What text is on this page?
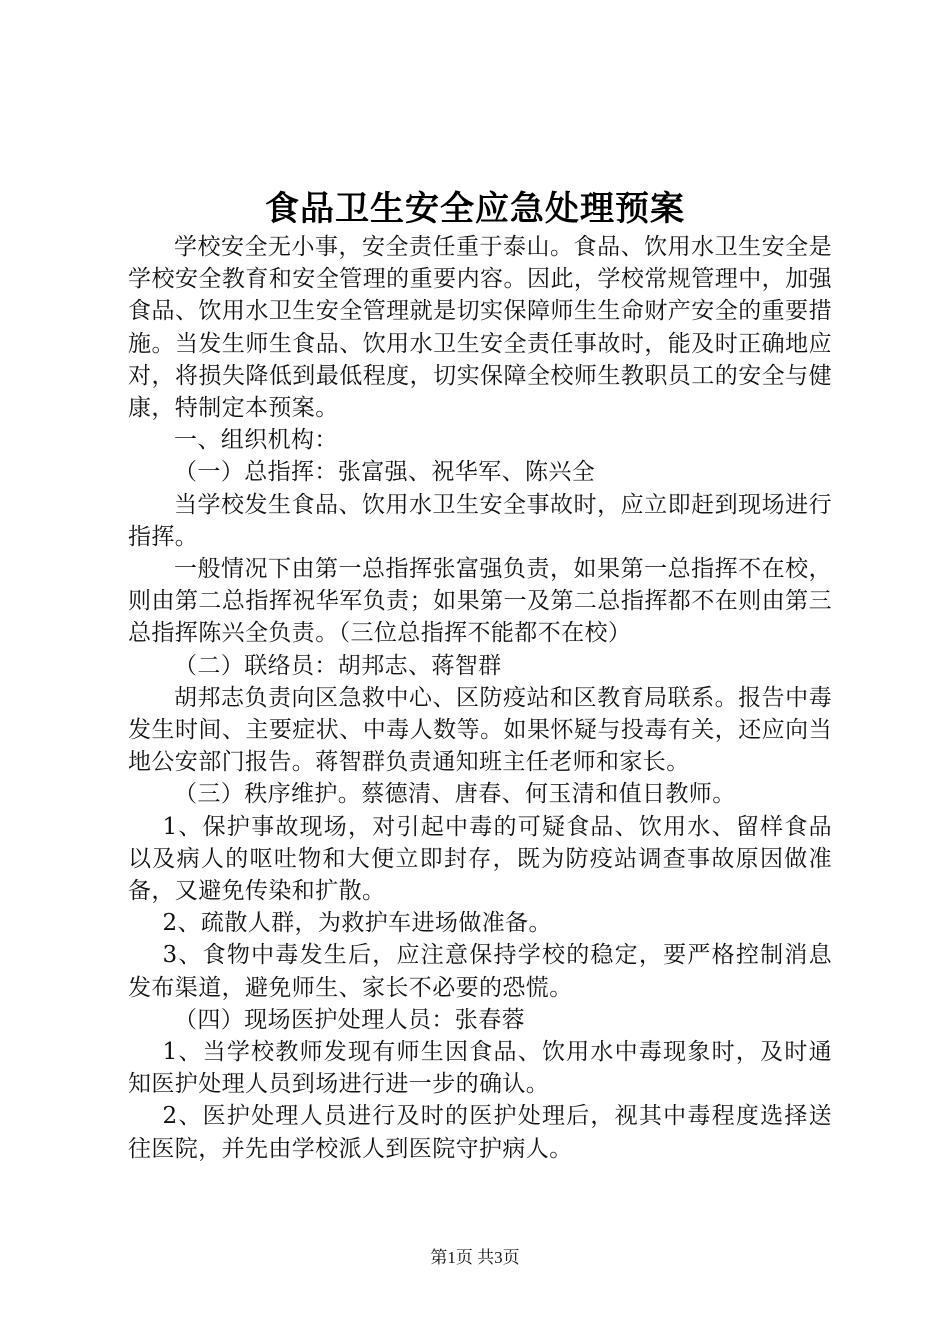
食品卫生安全应急处理预案

学校安全无小事，安全责任重于泰山。食品、饮用水卫生安全是学校安全教育和安全管理的重要内容。因此，学校常规管理中，加强食品、饮用水卫生安全管理就是切实保障师生生命财产安全的重要措施。当发生师生食品、饮用水卫生安全责任事故时，能及时正确地应对，将损失降低到最低程度，切实保障全校师生教职员工的安全与健康，特制定本预案。

一、组织机构：

（一）总指挥：张富强、祝华军、陈兴全

当学校发生食品、饮用水卫生安全事故时，应立即赶到现场进行指挥。

一般情况下由第一总指挥张富强负责，如果第一总指挥不在校，则由第二总指挥祝华军负责；如果第一及第二总指挥都不在则由第三总指挥陈兴全负责。（三位总指挥不能都不在校）

（二）联络员：胡邦志、蒋智群

胡邦志负责向区急救中心、区防疫站和区教育局联系。报告中毒发生时间、主要症状、中毒人数等。如果怀疑与投毒有关，还应向当地公安部门报告。蒋智群负责通知班主任老师和家长。

（三）秩序维护。蔡德清、唐春、何玉清和值日教师。

1、保护事故现场，对引起中毒的可疑食品、饮用水、留样食品以及病人的呕吐物和大便立即封存，既为防疫站调查事故原因做准备，又避免传染和扩散。

2、疏散人群，为救护车进场做准备。

3、食物中毒发生后，应注意保持学校的稳定，要严格控制消息发布渠道，避免师生、家长不必要的恐慌。

（四）现场医护处理人员：张春蓉

1、当学校教师发现有师生因食品、饮用水中毒现象时，及时通知医护处理人员到场进行进一步的确认。

2、医护处理人员进行及时的医护处理后，视其中毒程度选择送往医院，并先由学校派人到医院守护病人。

第1页 共3页
